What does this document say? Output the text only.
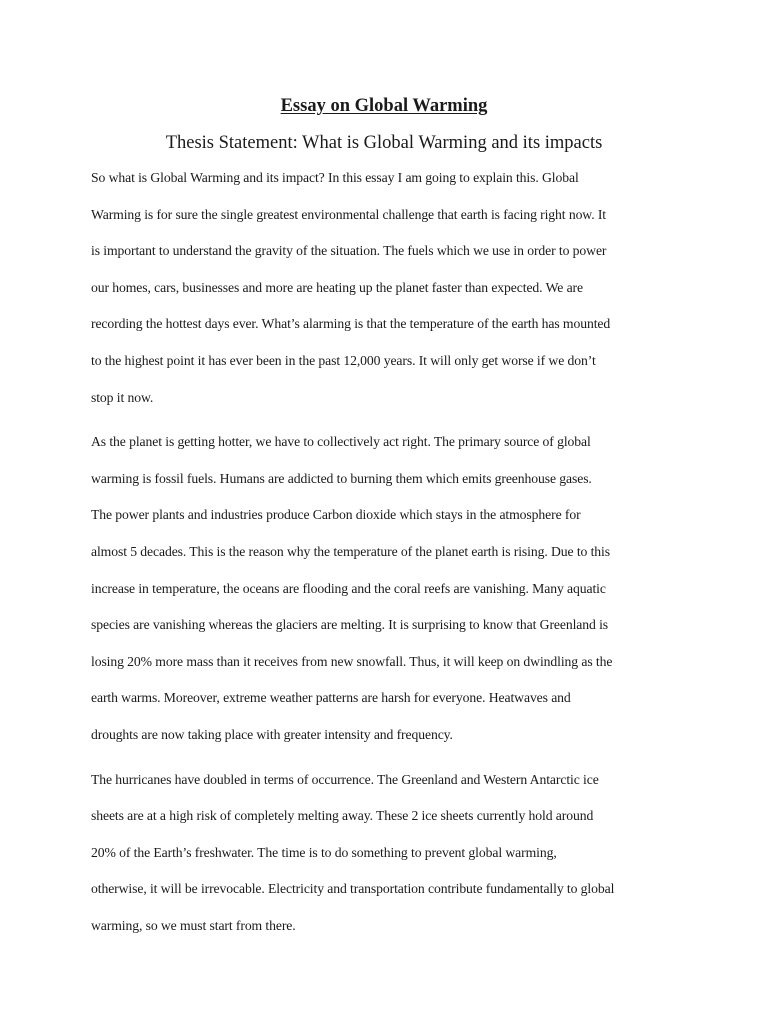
Essay on Global Warming
Thesis Statement: What is Global Warming and its impacts

So what is Global Warming and its impact? In this essay I am going to explain this. Global
Warming is for sure the single greatest environmental challenge that earth is facing right now. It
is important to understand the gravity of the situation. The fuels which we use in order to power
our homes, cars, businesses and more are heating up the planet faster than expected. We are
recording the hottest days ever. What’s alarming is that the temperature of the earth has mounted
to the highest point it has ever been in the past 12,000 years. It will only get worse if we don’t
stop it now.

As the planet is getting hotter, we have to collectively act right. The primary source of global
warming is fossil fuels. Humans are addicted to burning them which emits greenhouse gases.
The power plants and industries produce Carbon dioxide which stays in the atmosphere for
almost 5 decades. This is the reason why the temperature of the planet earth is rising. Due to this
increase in temperature, the oceans are flooding and the coral reefs are vanishing. Many aquatic
species are vanishing whereas the glaciers are melting. It is surprising to know that Greenland is
losing 20% more mass than it receives from new snowfall. Thus, it will keep on dwindling as the
earth warms. Moreover, extreme weather patterns are harsh for everyone. Heatwaves and
droughts are now taking place with greater intensity and frequency.

The hurricanes have doubled in terms of occurrence. The Greenland and Western Antarctic ice
sheets are at a high risk of completely melting away. These 2 ice sheets currently hold around
20% of the Earth’s freshwater. The time is to do something to prevent global warming,
otherwise, it will be irrevocable. Electricity and transportation contribute fundamentally to global
warming, so we must start from there.
